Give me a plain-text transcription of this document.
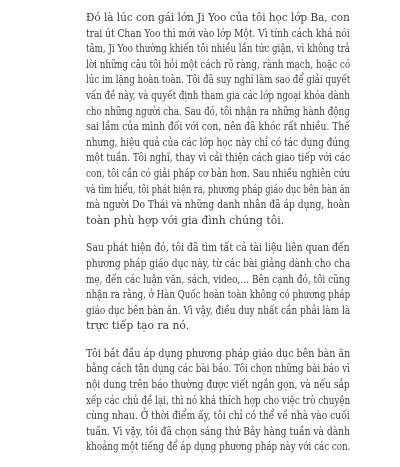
Đó là lúc con gái lớn Ji Yoo của tôi học lớp Ba, con
trai út Chan Yoo thì mới vào lớp Một. Vì tính cách khá nói
tâm, Ji Yoo thường khiến tôi nhiều lần tức giận, vì không trả
lời những câu tôi hỏi một cách rõ ràng, rành mạch, hoặc có
lúc im lặng hoàn toàn. Tôi đã suy nghĩ làm sao để giải quyết
vấn đề này, và quyết định tham gia các lớp ngoại khóa dành
cho những người cha. Sau đó, tôi nhận ra những hành động
sai lầm của mình đối với con, nên đã khóc rất nhiều. Thế
nhưng, hiệu quả của các lớp học này chỉ có tác dụng đúng
một tuần. Tôi nghĩ, thay vì cải thiện cách giao tiếp với các
con, tôi cần có giải pháp cơ bản hơn. Sau nhiều nghiên cứu
và tìm hiểu, tôi phát hiện ra, phương pháp giáo dục bên bàn ăn
mà người Do Thái và những danh nhân đã áp dụng, hoàn
toàn phù hợp với gia đình chúng tôi.
Sau phát hiện đó, tôi đã tìm tất cả tài liệu liên quan đến
phương pháp giáo dục này, từ các bài giảng dành cho cha
mẹ, đến các luận văn, sách, video,… Bên cạnh đó, tôi cũng
nhận ra rằng, ở Hàn Quốc hoàn toàn không có phương pháp
giáo dục bên bàn ăn. Vì vậy, điều duy nhất cần phải làm là
trực tiếp tạo ra nó.
Tôi bắt đầu áp dụng phương pháp giáo dục bên bàn ăn
bằng cách tận dụng các bài báo. Tôi chọn những bài báo vì
nội dung trên báo thường được viết ngắn gọn, và nếu sắp
xếp các chủ đề lại, thì nó khá thích hợp cho việc trò chuyện
cùng nhau. Ở thời điểm ấy, tôi chỉ có thể về nhà vào cuối
tuần. Vì vậy, tôi đã chọn sáng thứ Bảy hàng tuần và dành
khoảng một tiếng để áp dụng phương pháp này với các con.
